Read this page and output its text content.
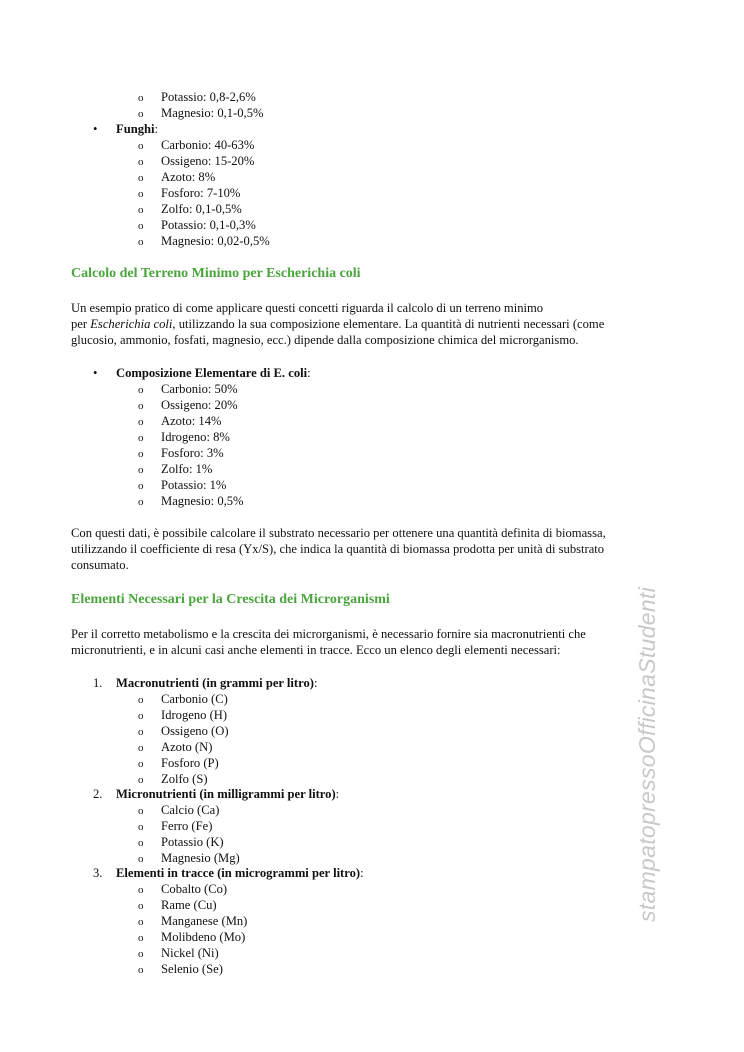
o Potassio: 0,8-2,6%
o Magnesio: 0,1-0,5%
• Funghi:
o Carbonio: 40-63%
o Ossigeno: 15-20%
o Azoto: 8%
o Fosforo: 7-10%
o Zolfo: 0,1-0,5%
o Potassio: 0,1-0,3%
o Magnesio: 0,02-0,5%
Calcolo del Terreno Minimo per Escherichia coli
Un esempio pratico di come applicare questi concetti riguarda il calcolo di un terreno minimo
per Escherichia coli, utilizzando la sua composizione elementare. La quantità di nutrienti necessari (come
glucosio, ammonio, fosfati, magnesio, ecc.) dipende dalla composizione chimica del microrganismo.
• Composizione Elementare di E. coli:
o Carbonio: 50%
o Ossigeno: 20%
o Azoto: 14%
o Idrogeno: 8%
o Fosforo: 3%
o Zolfo: 1%
o Potassio: 1%
o Magnesio: 0,5%
Con questi dati, è possibile calcolare il substrato necessario per ottenere una quantità definita di biomassa,
utilizzando il coefficiente di resa (Yx/S), che indica la quantità di biomassa prodotta per unità di substrato
consumato.
Elementi Necessari per la Crescita dei Microrganismi
Per il corretto metabolismo e la crescita dei microrganismi, è necessario fornire sia macronutrienti che
micronutrienti, e in alcuni casi anche elementi in tracce. Ecco un elenco degli elementi necessari:
1. Macronutrienti (in grammi per litro):
o Carbonio (C)
o Idrogeno (H)
o Ossigeno (O)
o Azoto (N)
o Fosforo (P)
o Zolfo (S)
2. Micronutrienti (in milligrammi per litro):
o Calcio (Ca)
o Ferro (Fe)
o Potassio (K)
o Magnesio (Mg)
3. Elementi in tracce (in microgrammi per litro):
o Cobalto (Co)
o Rame (Cu)
o Manganese (Mn)
o Molibdeno (Mo)
o Nickel (Ni)
o Selenio (Se)
stampatopressoOfficinaStudenti
